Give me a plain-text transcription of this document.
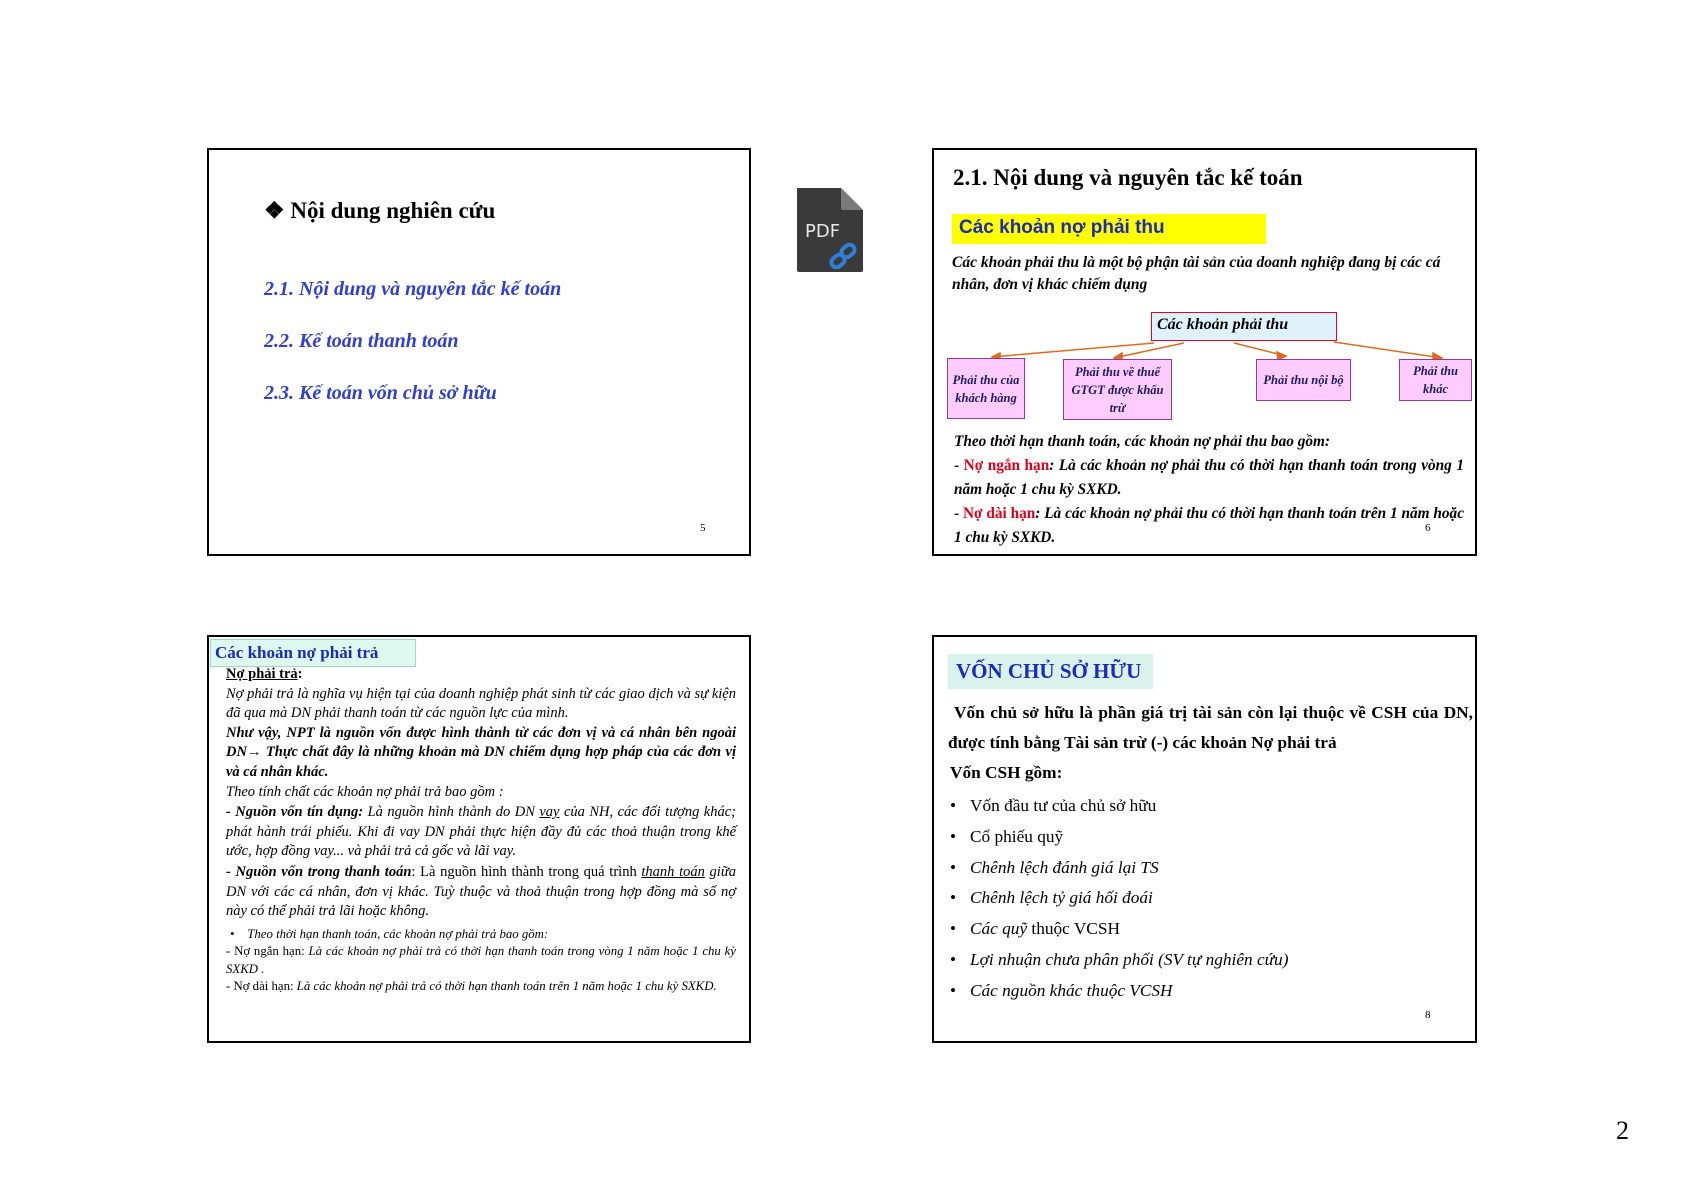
❖ Nội dung nghiên cứu
2.1. Nội dung và nguyên tắc kế toán
2.2. Kế toán thanh toán
2.3. Kế toán vốn chủ sở hữu
5
PDF
2.1. Nội dung và nguyên tắc kế toán
Các khoản nợ phải thu
Các khoản phải thu là một bộ phận tài sản của doanh nghiệp đang bị các cá nhân, đơn vị khác chiếm dụng
Các khoản phải thu
Phải thu của khách hàng
Phải thu về thuế GTGT được khấu trừ
Phải thu nội bộ
Phải thu khác
Theo thời hạn thanh toán, các khoản nợ phải thu bao gồm:
- Nợ ngắn hạn: Là các khoản nợ phải thu có thời hạn thanh toán trong vòng 1 năm hoặc 1 chu kỳ SXKD.
- Nợ dài hạn: Là các khoản nợ phải thu có thời hạn thanh toán trên 1 năm hoặc 1 chu kỳ SXKD.
6
Các khoản nợ phải trả

Nợ phải trả:

Nợ phải trả là nghĩa vụ hiện tại của doanh nghiệp phát sinh từ các giao dịch và sự kiện đã qua mà DN phải thanh toán từ các nguồn lực của mình.

Như vậy, NPT là nguồn vốn được hình thành từ các đơn vị và cá nhân bên ngoài DN→ Thực chất đây là những khoản mà DN chiếm dụng hợp pháp của các đơn vị và cá nhân khác.

Theo tính chất các khoản nợ phải trả bao gồm :

- Nguồn vốn tín dụng: Là nguồn hình thành do DN vay của NH, các đối tượng khác; phát hành trái phiếu. Khi đi vay DN phải thực hiện đầy đủ các thoả thuận trong khế ước, hợp đồng vay... và phải trả cả gốc và lãi vay.

- Nguồn vốn trong thanh toán: Là nguồn hình thành trong quá trình thanh toán giữa DN với các cá nhân, đơn vị khác. Tuỳ thuộc và thoả thuận trong hợp đồng mà số nợ này có thể phải trả lãi hoặc không.

•    Theo thời hạn thanh toán, các khoản nợ phải trả bao gồm:

- Nợ ngắn hạn: Là các khoản nợ phải trả có thời hạn thanh toán trong vòng 1 năm hoặc 1 chu kỳ SXKD .

- Nợ dài hạn: Là các khoản nợ phải trả có thời hạn thanh toán trên 1 năm hoặc 1 chu kỳ SXKD.

VỐN CHỦ SỞ HỮU
Vốn chủ sở hữu là phần giá trị tài sản còn lại thuộc về CSH của DN, được tính bằng Tài sản trừ (-) các khoản Nợ phải trả
Vốn CSH gồm:
• Vốn đầu tư của chủ sở hữu
• Cổ phiếu quỹ
• Chênh lệch đánh giá lại TS
• Chênh lệch tỷ giá hối đoái
• Các quỹ thuộc VCSH
• Lợi nhuận chưa phân phối (SV tự nghiên cứu)
• Các nguồn khác thuộc VCSH
8
2
